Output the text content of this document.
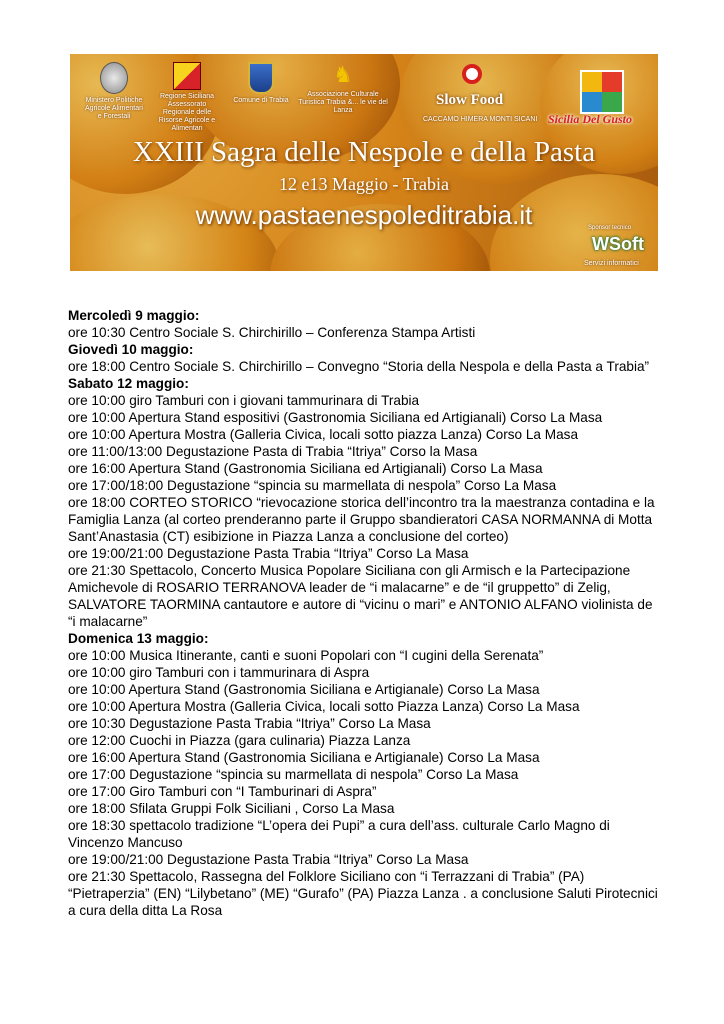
Ministero Politiche Agricole Alimentari e Forestali
Regione Siciliana Assessorato Regionale delle Risorse Agricole e Alimentari
Comune di Trabia
♞
Associazione Culturale Turistica Trabia &... le vie del Lanza
Slow Food
CACCAMO HIMERA MONTI SICANI Sicilia Del Gusto
XXIII Sagra delle Nespole e della Pasta
12 e13 Maggio - Trabia
www.pastaenespoleditrabia.it	Sponsor tecnico
WSoft
Servizi informatici
Mercoledì 9 maggio:
ore 10:30 Centro Sociale S. Chirchirillo – Conferenza Stampa Artisti
Giovedì 10 maggio:
ore 18:00 Centro Sociale S. Chirchirillo – Convegno “Storia della Nespola e della Pasta a Trabia”
Sabato 12 maggio:
ore 10:00 giro Tamburi con i giovani tammurinara di Trabia
ore 10:00 Apertura Stand espositivi (Gastronomia Siciliana ed Artigianali) Corso La Masa
ore 10:00 Apertura Mostra (Galleria Civica, locali sotto piazza Lanza) Corso La Masa
ore 11:00/13:00 Degustazione Pasta di Trabia “Itriya” Corso la Masa
ore 16:00 Apertura Stand (Gastronomia Siciliana ed Artigianali) Corso La Masa
ore 17:00/18:00 Degustazione “spincia su marmellata di nespola” Corso La Masa
ore 18:00 CORTEO STORICO “rievocazione storica dell’incontro tra la maestranza contadina e la Famiglia Lanza (al corteo prenderanno parte il Gruppo sbandieratori CASA NORMANNA di Motta Sant’Anastasia (CT) esibizione in Piazza Lanza a conclusione del corteo)
ore 19:00/21:00 Degustazione Pasta Trabia “Itriya” Corso La Masa
ore 21:30 Spettacolo, Concerto Musica Popolare Siciliana con gli Armisch e la Partecipazione Amichevole di ROSARIO TERRANOVA leader de “i malacarne” e de “il gruppetto” di Zelig, SALVATORE TAORMINA cantautore e autore di “vicinu o mari” e ANTONIO ALFANO violinista de “i malacarne”
Domenica 13 maggio:
ore 10:00 Musica Itinerante, canti e suoni Popolari con “I cugini della Serenata”
ore 10:00 giro Tamburi con i tammurinara di Aspra
ore 10:00 Apertura Stand (Gastronomia Siciliana e Artigianale) Corso La Masa
ore 10:00 Apertura Mostra (Galleria Civica, locali sotto Piazza Lanza) Corso La Masa
ore 10:30 Degustazione Pasta Trabia “Itriya” Corso La Masa
ore 12:00 Cuochi in Piazza (gara culinaria) Piazza Lanza
ore 16:00 Apertura Stand (Gastronomia Siciliana e Artigianale) Corso La Masa
ore 17:00 Degustazione “spincia su marmellata di nespola” Corso La Masa
ore 17:00 Giro Tamburi con “I Tamburinari di Aspra”
ore 18:00 Sfilata Gruppi Folk Siciliani , Corso La Masa
ore 18:30 spettacolo tradizione “L’opera dei Pupi” a cura dell’ass. culturale Carlo Magno di Vincenzo Mancuso
ore 19:00/21:00 Degustazione Pasta Trabia “Itriya” Corso La Masa
ore 21:30 Spettacolo, Rassegna del Folklore Siciliano con “i Terrazzani di Trabia” (PA) “Pietraperzia” (EN) “Lilybetano” (ME) “Gurafo” (PA) Piazza Lanza . a conclusione Saluti Pirotecnici a cura della ditta La Rosa
